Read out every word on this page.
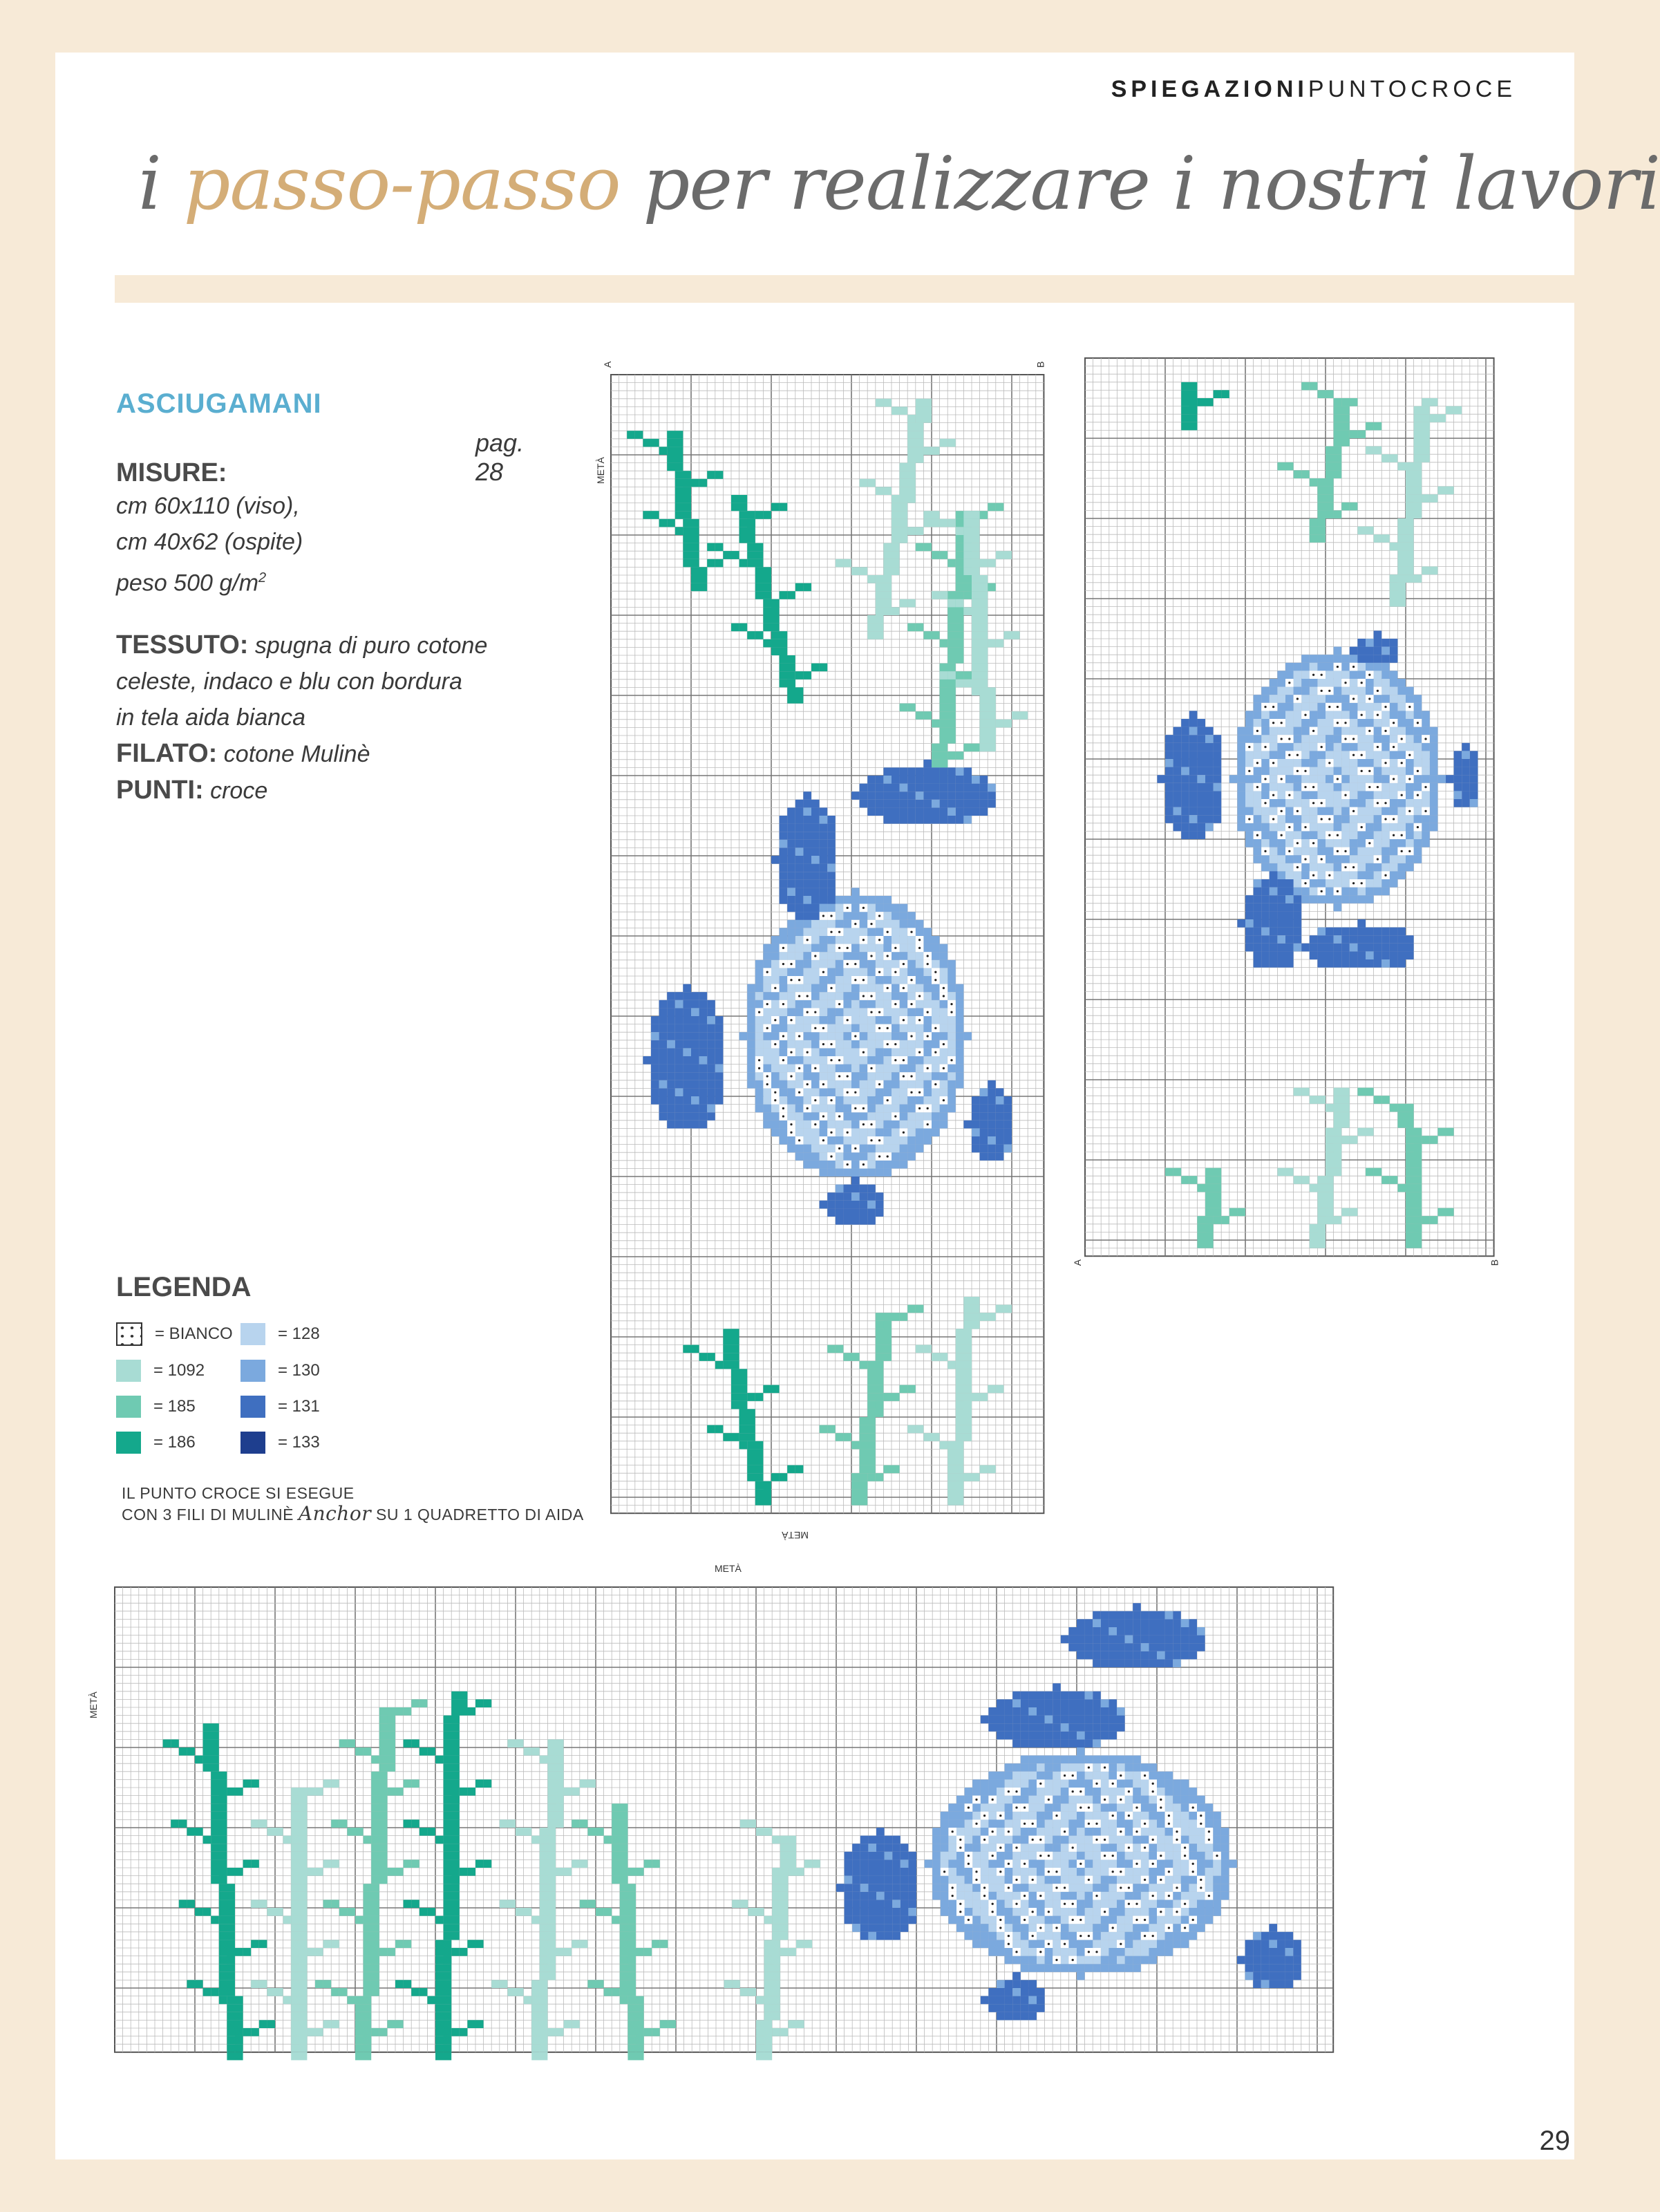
SPIEGAZIONIPUNTOCROCE
i passo-passo per realizzare i nostri lavori
ASCIUGAMANI
pag. 28
MISURE:
cm 60x110 (viso),
cm 40x62 (ospite)
peso 500 $g/m^2$
TESSUTO: spugna di puro cotone
celeste, indaco e blu con bordura
in tela aida bianca
FILATO: cotone Mulinè
PUNTI: croce
LEGENDA
= BIANCO	= 128
= 1092	= 130
= 185	= 131
= 186	= 133
IL PUNTO CROCE SI ESEGUE
CON 3 FILI DI MULINÈ Anchor SU 1 QUADRETTO DI AIDA
A	B
METÀ
METÀ
A	B
METÀ
METÀ
29
